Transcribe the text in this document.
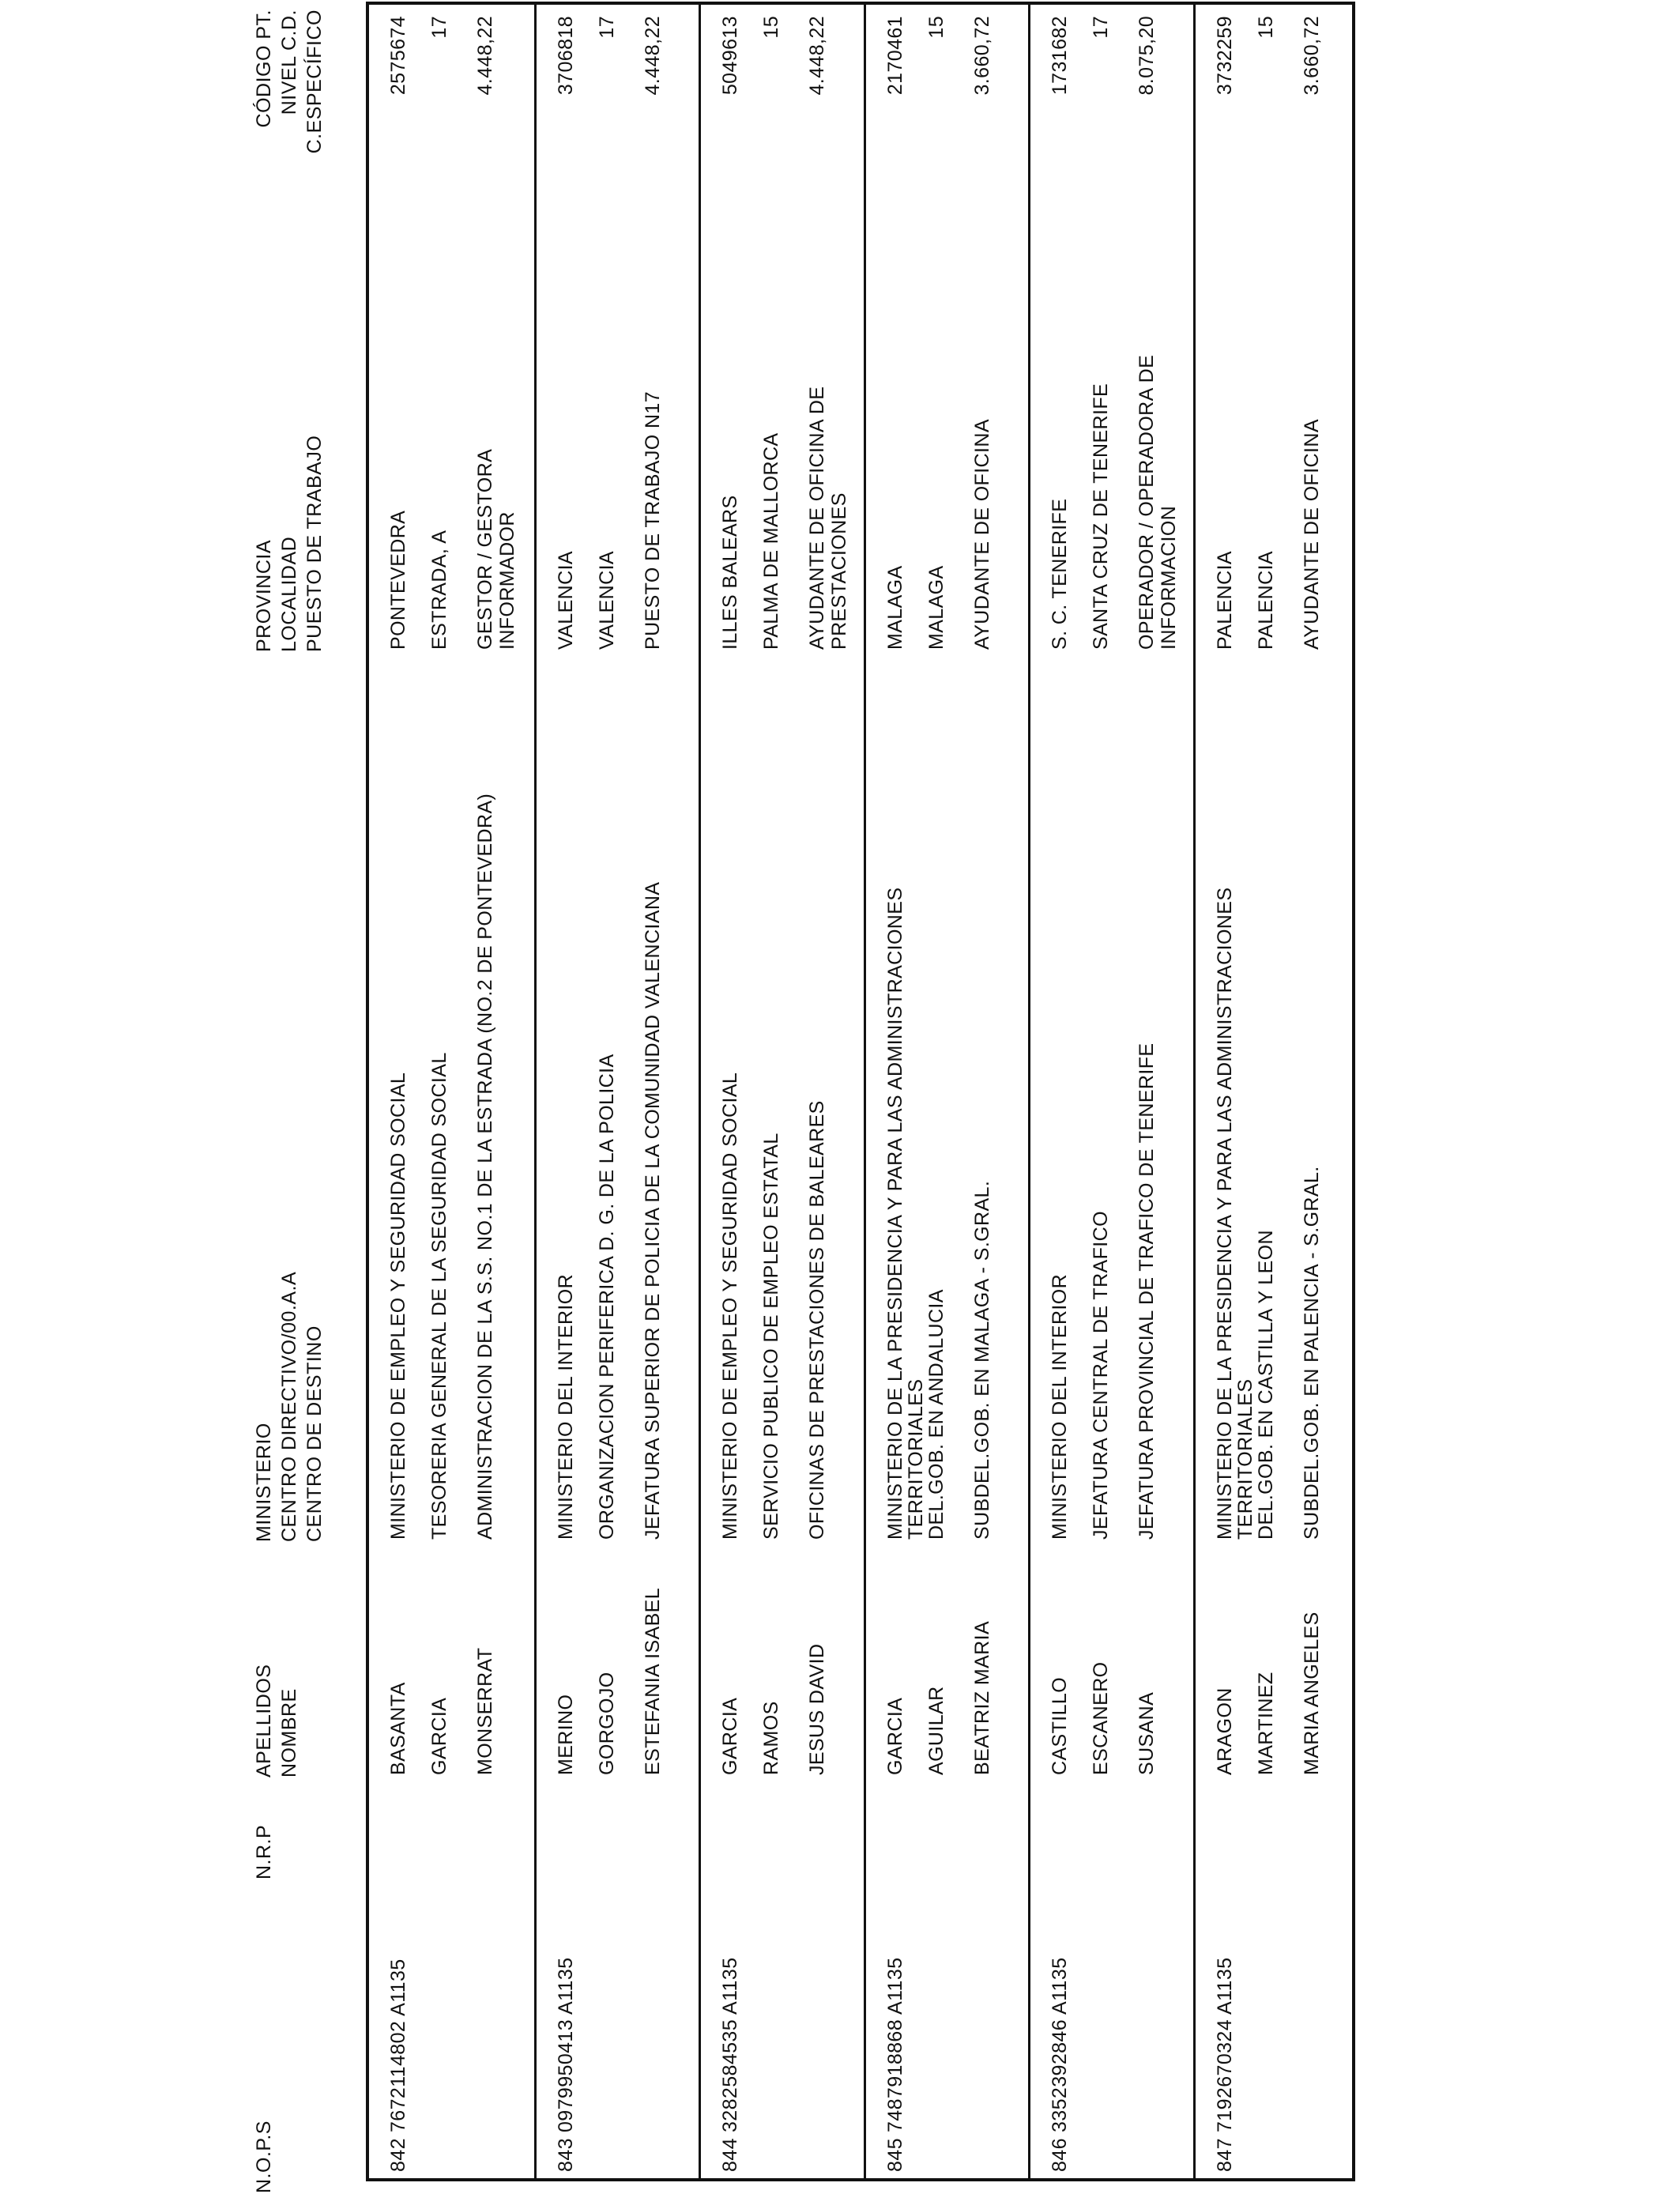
N.O.P.S
N.R.P
APELLIDOS NOMBRE
MINISTERIO CENTRO DIRECTIVO/00.A.A CENTRO DE DESTINO
PROVINCIA LOCALIDAD PUESTO DE TRABAJO
CÓDIGO PT. NIVEL C.D. C.ESPECÍFICO
842
7672114802 A1135
BASANTA GARCIA MONSERRAT
MINISTERIO DE EMPLEO Y SEGURIDAD SOCIAL TESORERIA GENERAL DE LA SEGURIDAD SOCIAL ADMINISTRACION DE LA S.S. NO.1 DE LA ESTRADA (NO.2 DE PONTEVEDRA)
PONTEVEDRA ESTRADA, A GESTOR / GESTORA INFORMADOR
2575674 17 4.448,22
843
0979950413 A1135
MERINO GORGOJO ESTEFANIA ISABEL
MINISTERIO DEL INTERIOR ORGANIZACION PERIFERICA D. G. DE LA POLICIA JEFATURA SUPERIOR DE POLICIA DE LA COMUNIDAD VALENCIANA
VALENCIA VALENCIA PUESTO DE TRABAJO N17
3706818 17 4.448,22
844
3282584535 A1135
GARCIA RAMOS JESUS DAVID
MINISTERIO DE EMPLEO Y SEGURIDAD SOCIAL SERVICIO PUBLICO DE EMPLEO ESTATAL OFICINAS DE PRESTACIONES DE BALEARES
ILLES BALEARS PALMA DE MALLORCA AYUDANTE DE OFICINA DE PRESTACIONES
5049613 15 4.448,22
845
7487918868 A1135
GARCIA AGUILAR BEATRIZ MARIA
MINISTERIO DE LA PRESIDENCIA Y PARA LAS ADMINISTRACIONES
TERRITORIALES
DEL.GOB. EN ANDALUCIA SUBDEL.GOB. EN MALAGA - S.GRAL.
MALAGA MALAGA AYUDANTE DE OFICINA
2170461 15 3.660,72
846
3352392846 A1135
CASTILLO ESCANERO SUSANA
MINISTERIO DEL INTERIOR JEFATURA CENTRAL DE TRAFICO JEFATURA PROVINCIAL DE TRAFICO DE TENERIFE
S. C. TENERIFE SANTA CRUZ DE TENERIFE OPERADOR / OPERADORA DE INFORMACION
1731682 17 8.075,20
847
7192670324 A1135
ARAGON MARTINEZ MARIA ANGELES
MINISTERIO DE LA PRESIDENCIA Y PARA LAS ADMINISTRACIONES
TERRITORIALES
DEL.GOB. EN CASTILLA Y LEON SUBDEL.GOB. EN PALENCIA - S.GRAL.
PALENCIA PALENCIA AYUDANTE DE OFICINA
3732259 15 3.660,72
